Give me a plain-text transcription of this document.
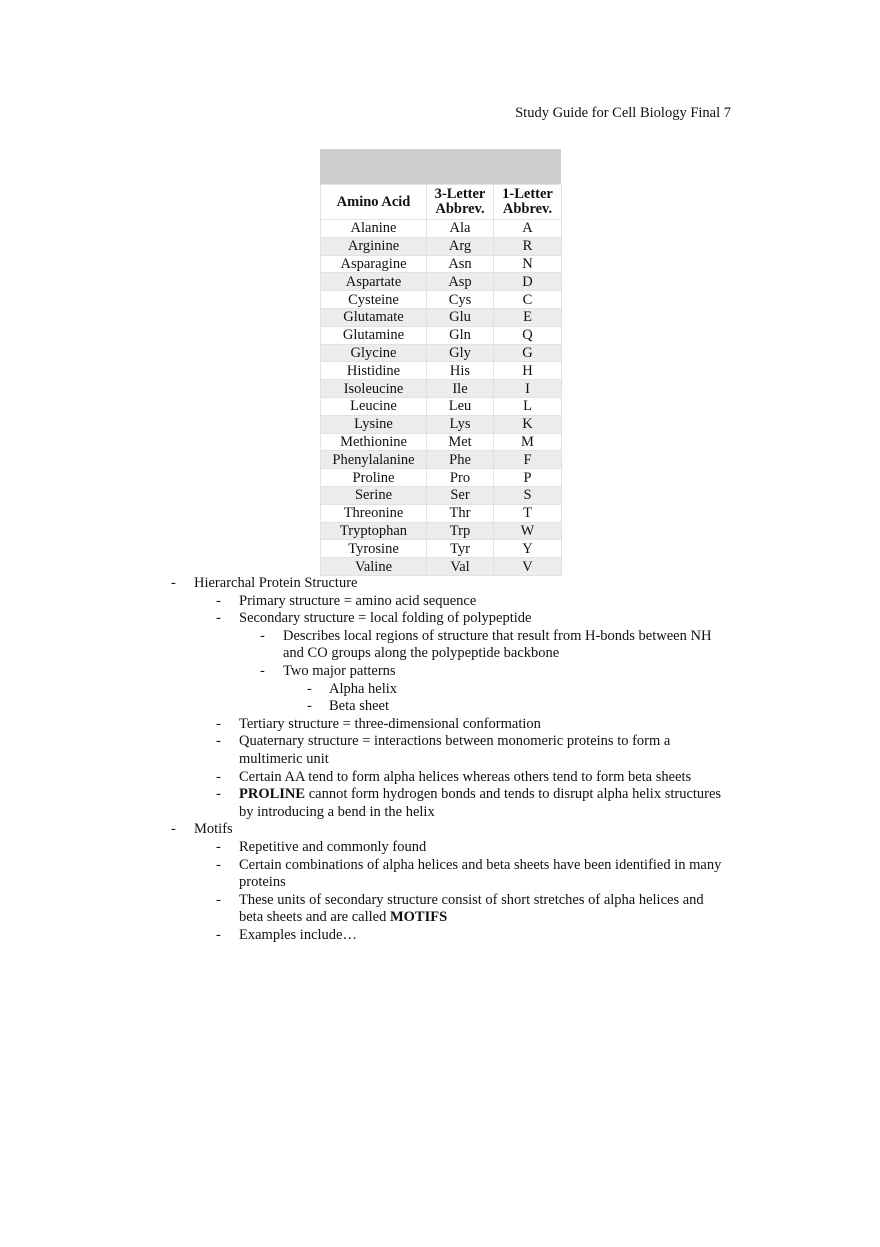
Study Guide for Cell Biology Final 7
Amino Acid	3-Letter Abbrev.	1-Letter Abbrev.
Alanine	Ala	A
Arginine	Arg	R
Asparagine	Asn	N
Aspartate	Asp	D
Cysteine	Cys	C
Glutamate	Glu	E
Glutamine	Gln	Q
Glycine	Gly	G
Histidine	His	H
Isoleucine	Ile	I
Leucine	Leu	L
Lysine	Lys	K
Methionine	Met	M
Phenylalanine	Phe	F
Proline	Pro	P
Serine	Ser	S
Threonine	Thr	T
Tryptophan	Trp	W
Tyrosine	Tyr	Y
Valine	Val	V
- Hierarchal Protein Structure
- Primary structure = amino acid sequence
- Secondary structure = local folding of polypeptide
- Describes local regions of structure that result from H-bonds between NH and CO groups along the polypeptide backbone
- Two major patterns
- Alpha helix
- Beta sheet
- Tertiary structure = three-dimensional conformation
- Quaternary structure = interactions between monomeric proteins to form a multimeric unit
- Certain AA tend to form alpha helices whereas others tend to form beta sheets
- PROLINE cannot form hydrogen bonds and tends to disrupt alpha helix structures by introducing a bend in the helix
- Motifs
- Repetitive and commonly found
- Certain combinations of alpha helices and beta sheets have been identified in many proteins
- These units of secondary structure consist of short stretches of alpha helices and beta sheets and are called MOTIFS
- Examples include…
